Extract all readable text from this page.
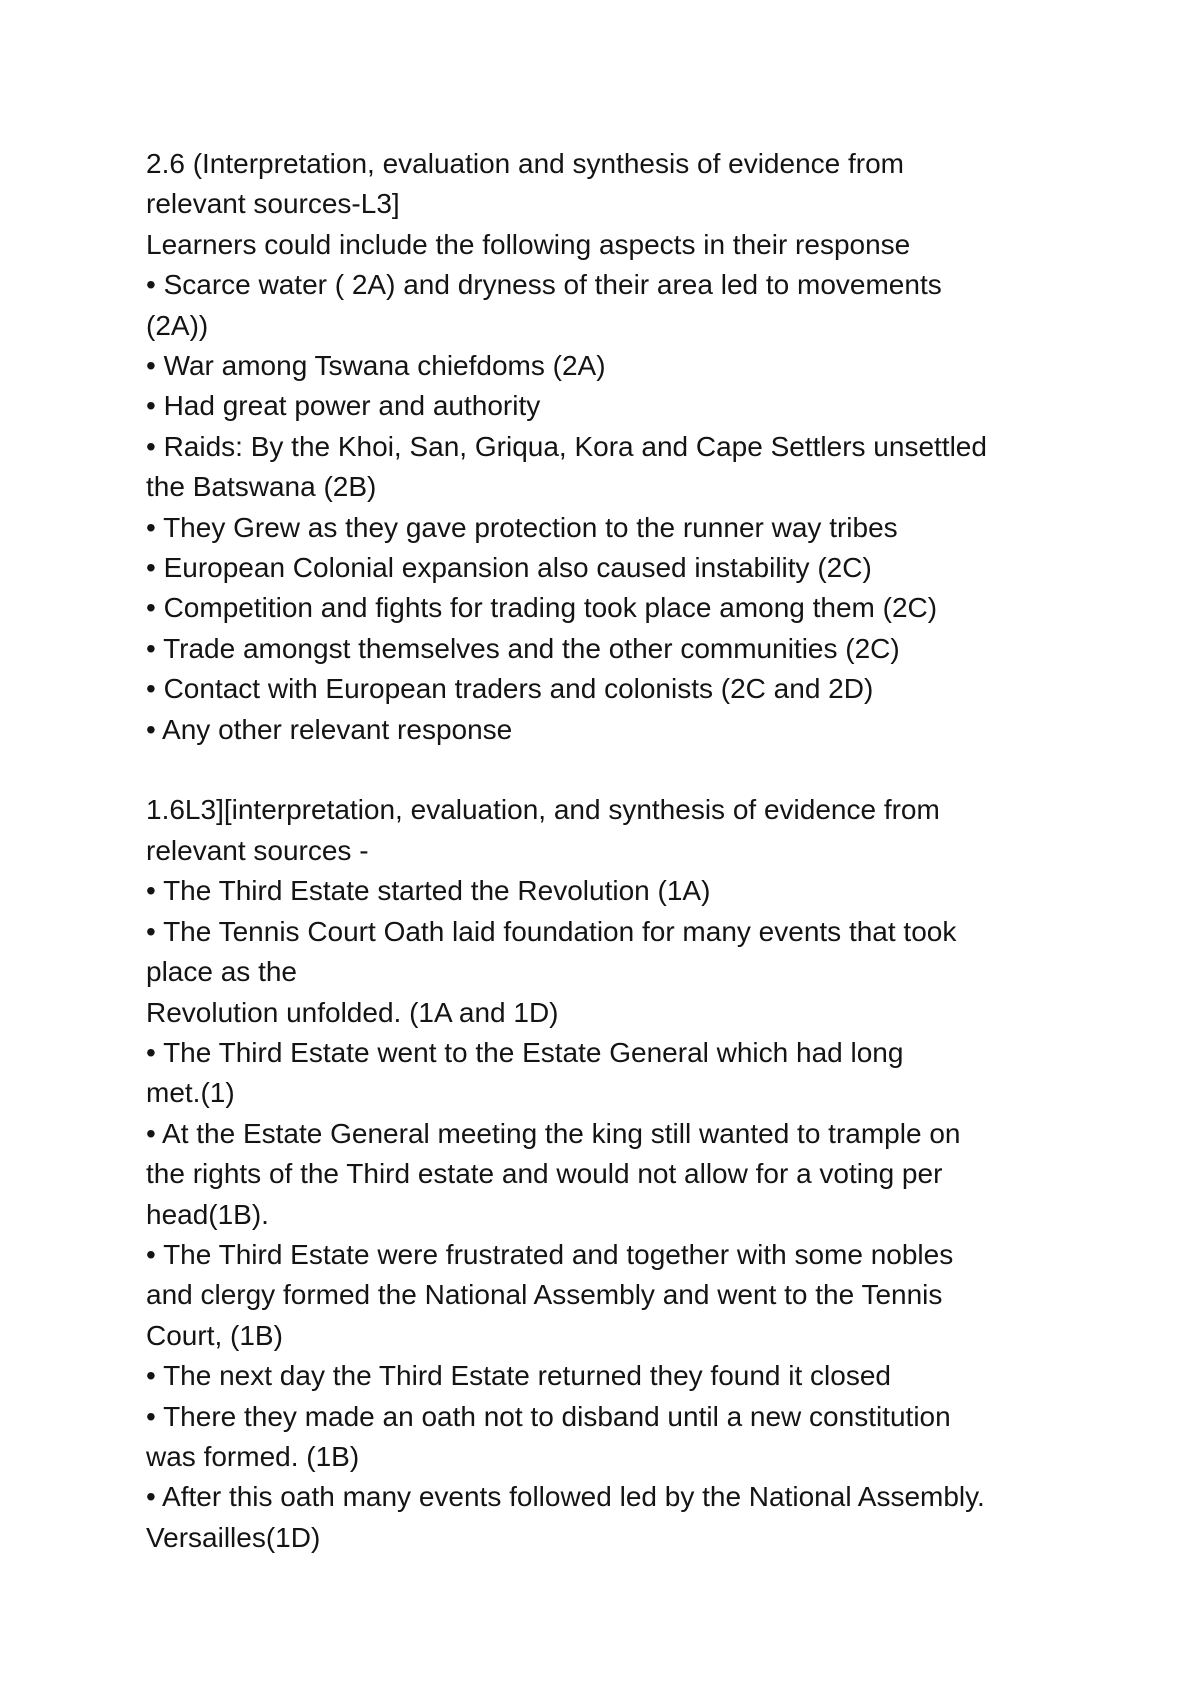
2.6 (Interpretation, evaluation and synthesis of evidence from

relevant sources-L3]

Learners could include the following aspects in their response

• Scarce water ( 2A) and dryness of their area led to movements

(2A))

• War among Tswana chiefdoms (2A)

• Had great power and authority

• Raids: By the Khoi, San, Griqua, Kora and Cape Settlers unsettled

the Batswana (2B)

• They Grew as they gave protection to the runner way tribes

• European Colonial expansion also caused instability (2C)

• Competition and fights for trading took place among them (2C)

• Trade amongst themselves and the other communities (2C)

• Contact with European traders and colonists (2C and 2D)

• Any other relevant response

1.6L3][interpretation, evaluation, and synthesis of evidence from

relevant sources -

• The Third Estate started the Revolution (1A)

• The Tennis Court Oath laid foundation for many events that took

place as the

Revolution unfolded. (1A and 1D)

• The Third Estate went to the Estate General which had long

met.(1)

• At the Estate General meeting the king still wanted to trample on

the rights of the Third estate and would not allow for a voting per

head(1B).

• The Third Estate were frustrated and together with some nobles

and clergy formed the National Assembly and went to the Tennis

Court, (1B)

• The next day the Third Estate returned they found it closed

• There they made an oath not to disband until a new constitution

was formed. (1B)

• After this oath many events followed led by the National Assembly.

Versailles(1D)
